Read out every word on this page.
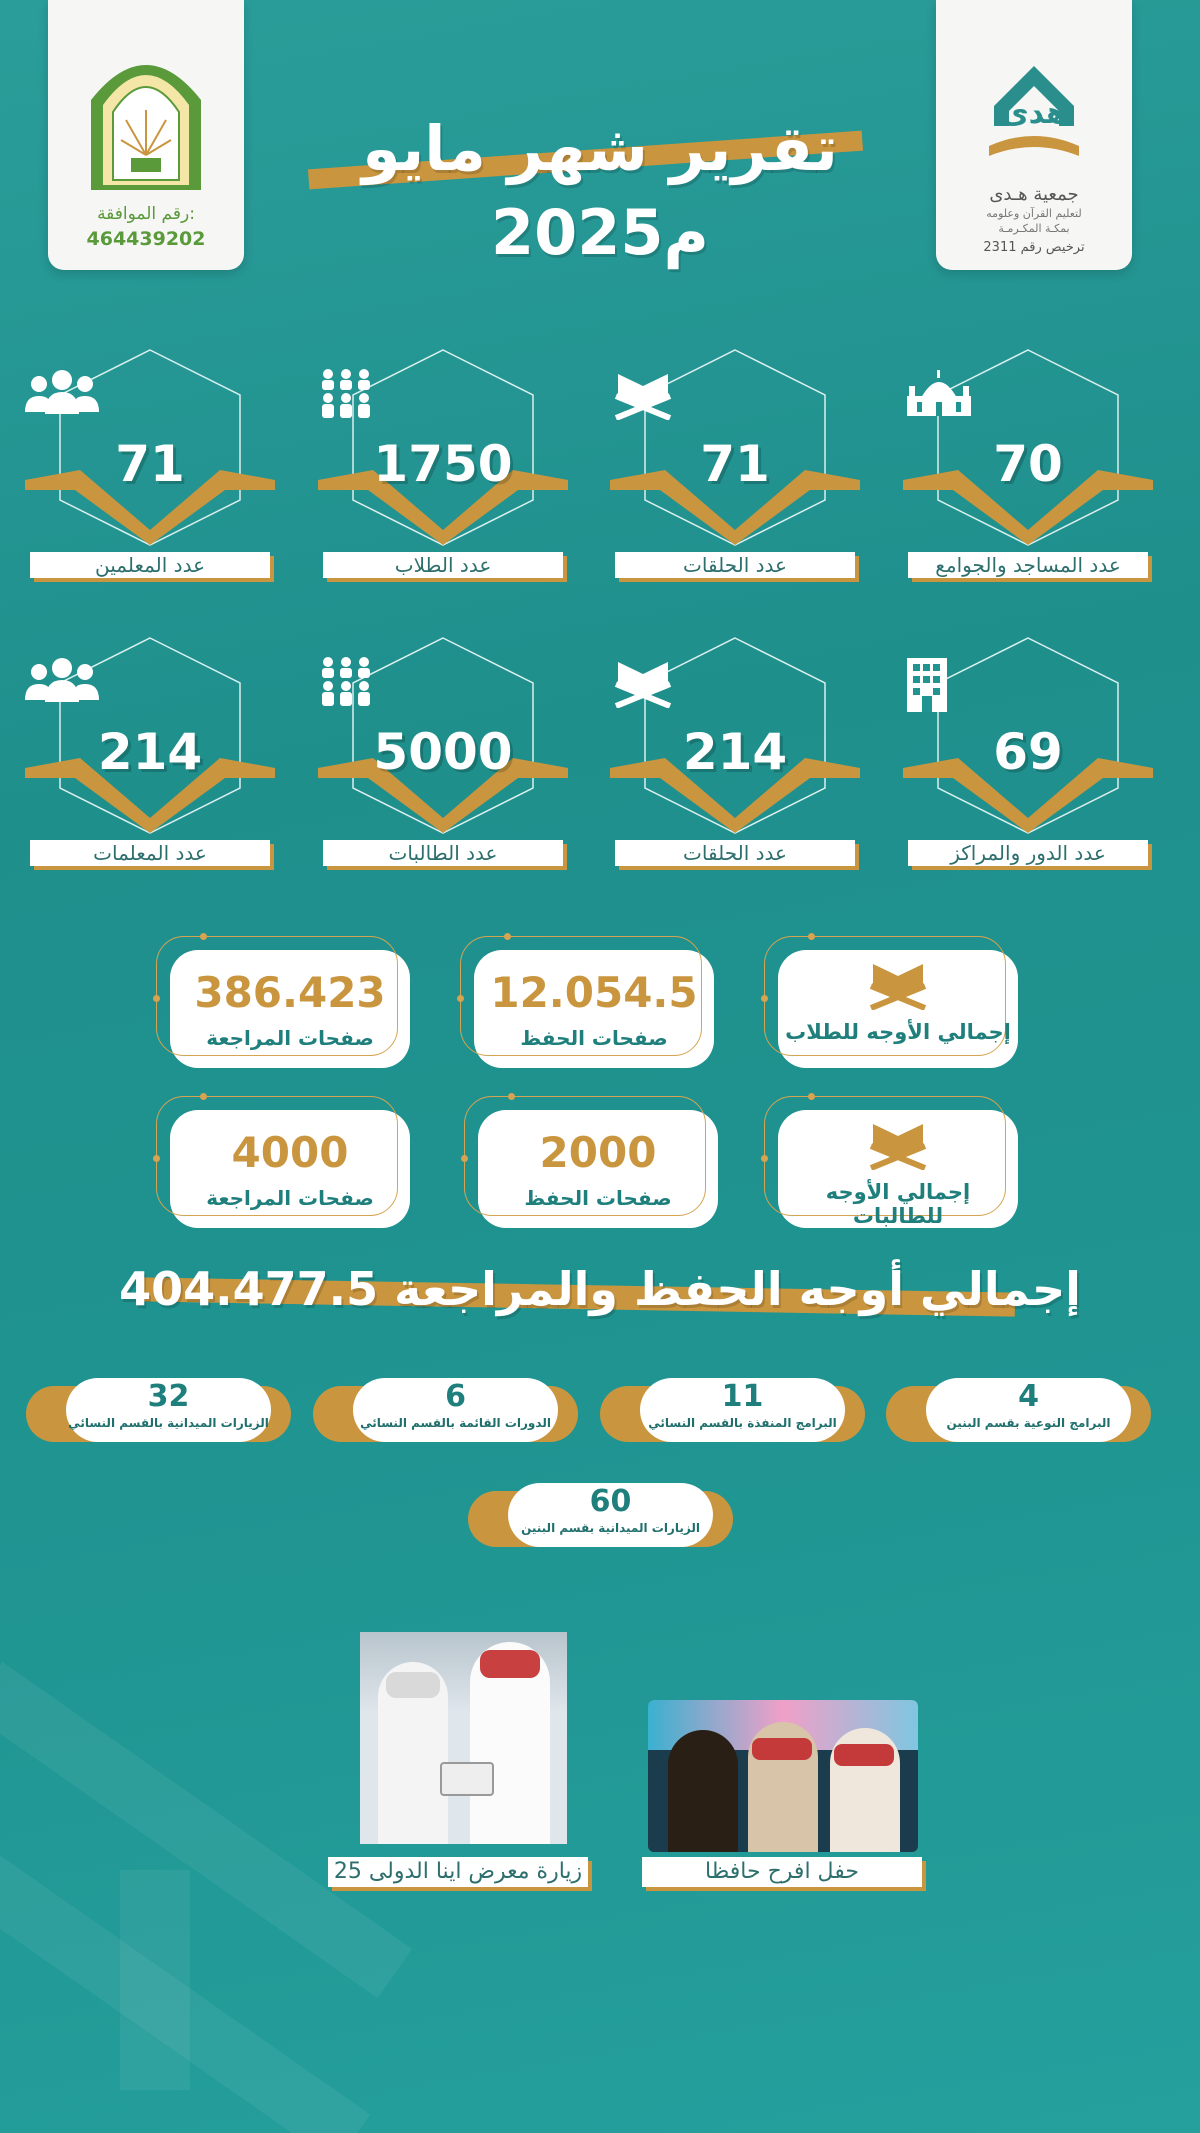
رقم الموافقة:
464439202
هدى
جمعية هـدى
لتعليم القرآن وعلومه
بمكـة المكـرمـة
ترخيص رقم 2311
تقرير شهر مايو
2025م
70
عدد المساجد والجوامع
71
عدد الحلقات
1750
عدد الطلاب
71
عدد المعلمين
69
عدد الدور والمراكز
214
عدد الحلقات
5000
عدد الطالبات
214
عدد المعلمات
إجمالي الأوجه للطلاب
12.054.5
صفحات الحفظ
386.423
صفحات المراجعة
إجمالي الأوجه للطالبات
2000
صفحات الحفظ
4000
صفحات المراجعة
404.477.5 إجمالي أوجه الحفظ والمراجعة
4
البرامج النوعية بقسم البنين
11
البرامج المنفذة بالقسم النسائي
6
الدورات القائمة بالقسم النسائي
32
الزيارات الميدانية بالقسم النسائي
60
الزيارات الميدانية بقسم البنين
حفل افرح حافظا
زيارة معرض اينا الدولى 25
